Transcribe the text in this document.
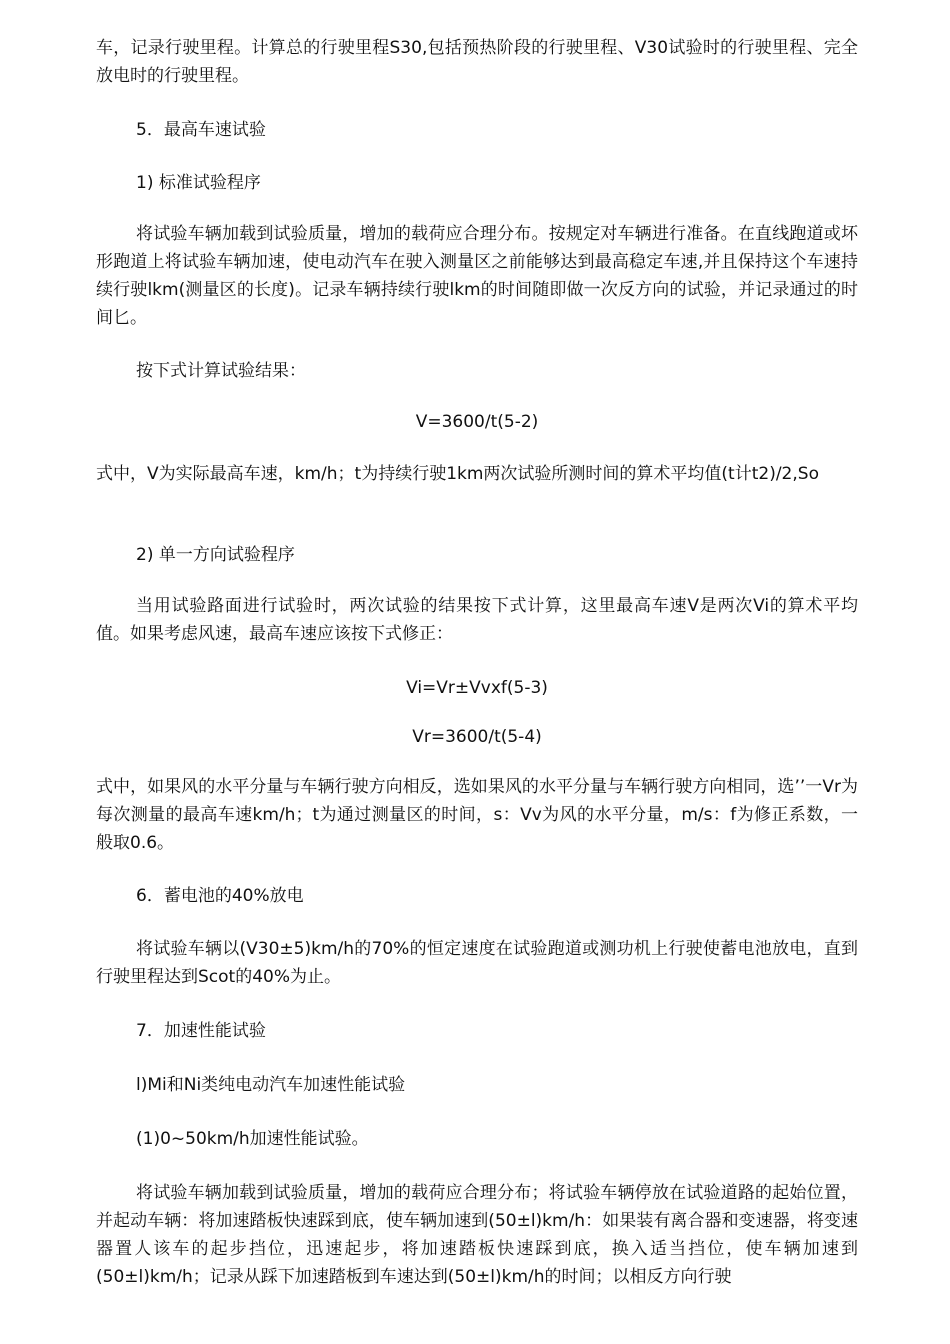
车，记录行驶里程。计算总的行驶里程S30,包括预热阶段的行驶里程、V30试验时的行驶里程、完全放电时的行驶里程。

5．最高车速试验

1) 标准试验程序

将试验车辆加载到试验质量，增加的载荷应合理分布。按规定对车辆进行准备。在直线跑道或坏形跑道上将试验车辆加速，使电动汽车在驶入测量区之前能够达到最高稳定车速,并且保持这个车速持续行驶lkm(测量区的长度)。记录车辆持续行驶lkm的时间随即做一次反方向的试验，并记录通过的时间匕。

按下式计算试验结果：

V=3600/t(5-2)

式中，V为实际最高车速，km/h；t为持续行驶1km两次试验所测时间的算术平均值(t计t2)/2,So

2) 单一方向试验程序

当用试验路面进行试验时，两次试验的结果按下式计算，这里最高车速V是两次Vi的算术平均值。如果考虑风速，最高车速应该按下式修正：

Vi=Vr±Vvxf(5-3)

Vr=3600/t(5-4)

式中，如果风的水平分量与车辆行驶方向相反，选如果风的水平分量与车辆行驶方向相同，选’’一Vr为每次测量的最高车速km/h；t为通过测量区的时间，s：Vv为风的水平分量，m/s：f为修正系数，一般取0.6。

6．蓄电池的40%放电

将试验车辆以(V30±5)km/h的70%的恒定速度在试验跑道或测功机上行驶使蓄电池放电，直到行驶里程达到Scot的40%为止。

7．加速性能试验

l)Mi和Ni类纯电动汽车加速性能试验

(1)0~50km/h加速性能试验。

将试验车辆加载到试验质量，增加的载荷应合理分布；将试验车辆停放在试验道路的起始位置，并起动车辆：将加速踏板快速踩到底，使车辆加速到(50±l)km/h：如果装有离合器和变速器，将变速器置人该车的起步挡位，迅速起步，将加速踏板快速踩到底，换入适当挡位，使车辆加速到(50±l)km/h；记录从踩下加速踏板到车速达到(50±l)km/h的时间；以相反方向行驶
